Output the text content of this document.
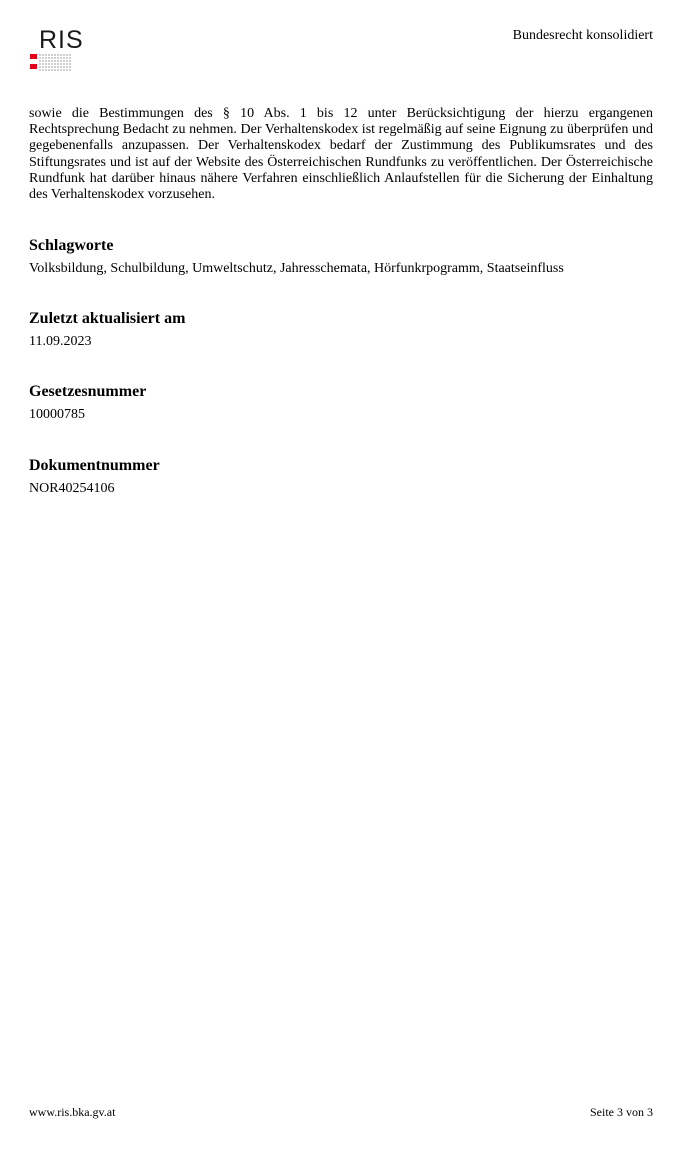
RIS	Bundesrecht konsolidiert
sowie die Bestimmungen des § 10 Abs. 1 bis 12 unter Berücksichtigung der hierzu ergangenen Rechtsprechung Bedacht zu nehmen. Der Verhaltenskodex ist regelmäßig auf seine Eignung zu überprüfen und gegebenenfalls anzupassen. Der Verhaltenskodex bedarf der Zustimmung des Publikumsrates und des Stiftungsrates und ist auf der Website des Österreichischen Rundfunks zu veröffentlichen. Der Österreichische Rundfunk hat darüber hinaus nähere Verfahren einschließlich Anlaufstellen für die Sicherung der Einhaltung des Verhaltenskodex vorzusehen.
Schlagworte

Volksbildung, Schulbildung, Umweltschutz, Jahresschemata, Hörfunkrpogramm, Staatseinfluss

Zuletzt aktualisiert am

11.09.2023

Gesetzesnummer

10000785

Dokumentnummer

NOR40254106

www.ris.bka.gv.at	Seite 3 von 3
